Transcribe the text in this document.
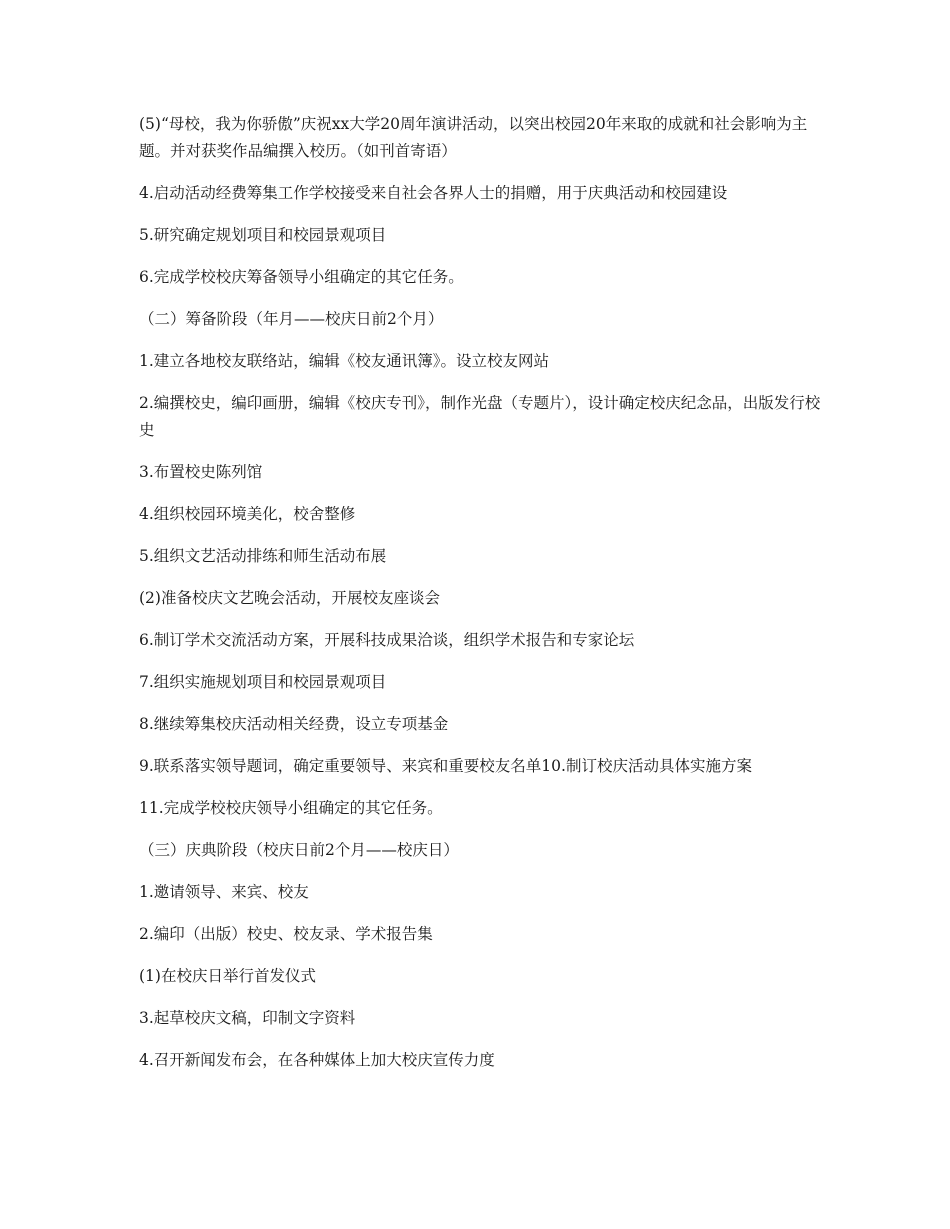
(5)“母校，我为你骄傲”庆祝xx大学20周年演讲活动，以突出校园20年来取的成就和社会影响为主题。并对获奖作品编撰入校历。（如刊首寄语）

4.启动活动经费筹集工作学校接受来自社会各界人士的捐赠，用于庆典活动和校园建设

5.研究确定规划项目和校园景观项目

6.完成学校校庆筹备领导小组确定的其它任务。

（二）筹备阶段（年月——校庆日前2个月）

1.建立各地校友联络站，编辑《校友通讯簿》。设立校友网站

2.编撰校史，编印画册，编辑《校庆专刊》，制作光盘（专题片），设计确定校庆纪念品，出版发行校史

3.布置校史陈列馆

4.组织校园环境美化，校舍整修

5.组织文艺活动排练和师生活动布展

(2)准备校庆文艺晚会活动，开展校友座谈会

6.制订学术交流活动方案，开展科技成果洽谈，组织学术报告和专家论坛

7.组织实施规划项目和校园景观项目

8.继续筹集校庆活动相关经费，设立专项基金

9.联系落实领导题词，确定重要领导、来宾和重要校友名单10.制订校庆活动具体实施方案

11.完成学校校庆领导小组确定的其它任务。

（三）庆典阶段（校庆日前2个月——校庆日）

1.邀请领导、来宾、校友

2.编印（出版）校史、校友录、学术报告集

(1)在校庆日举行首发仪式

3.起草校庆文稿，印制文字资料

4.召开新闻发布会，在各种媒体上加大校庆宣传力度
